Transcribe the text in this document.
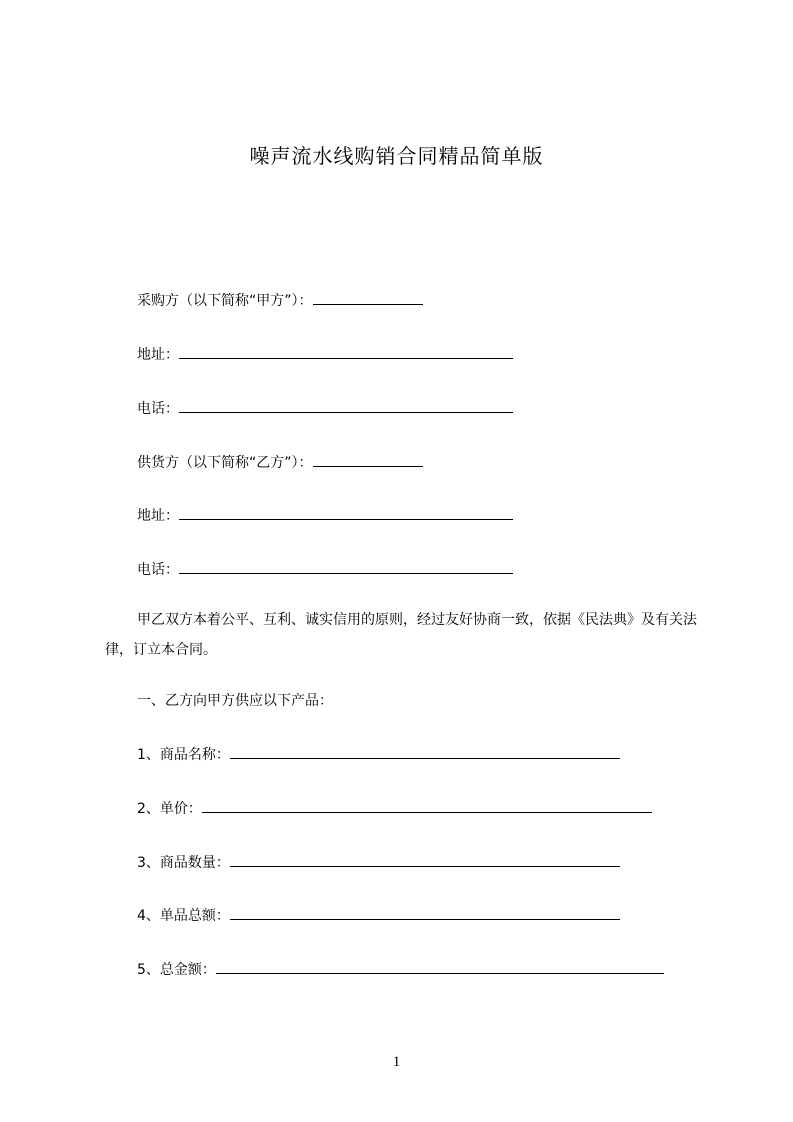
噪声流水线购销合同精品简单版
采购方（以下简称“甲方”）：
地址：
电话：
供货方（以下简称“乙方”）：
地址：
电话：
甲乙双方本着公平、互利、诚实信用的原则，经过友好协商一致，依据《民法典》及有关法律，订立本合同。
一、乙方向甲方供应以下产品：
1、商品名称：
2、单价：
3、商品数量：
4、单品总额：
5、总金额：
1
